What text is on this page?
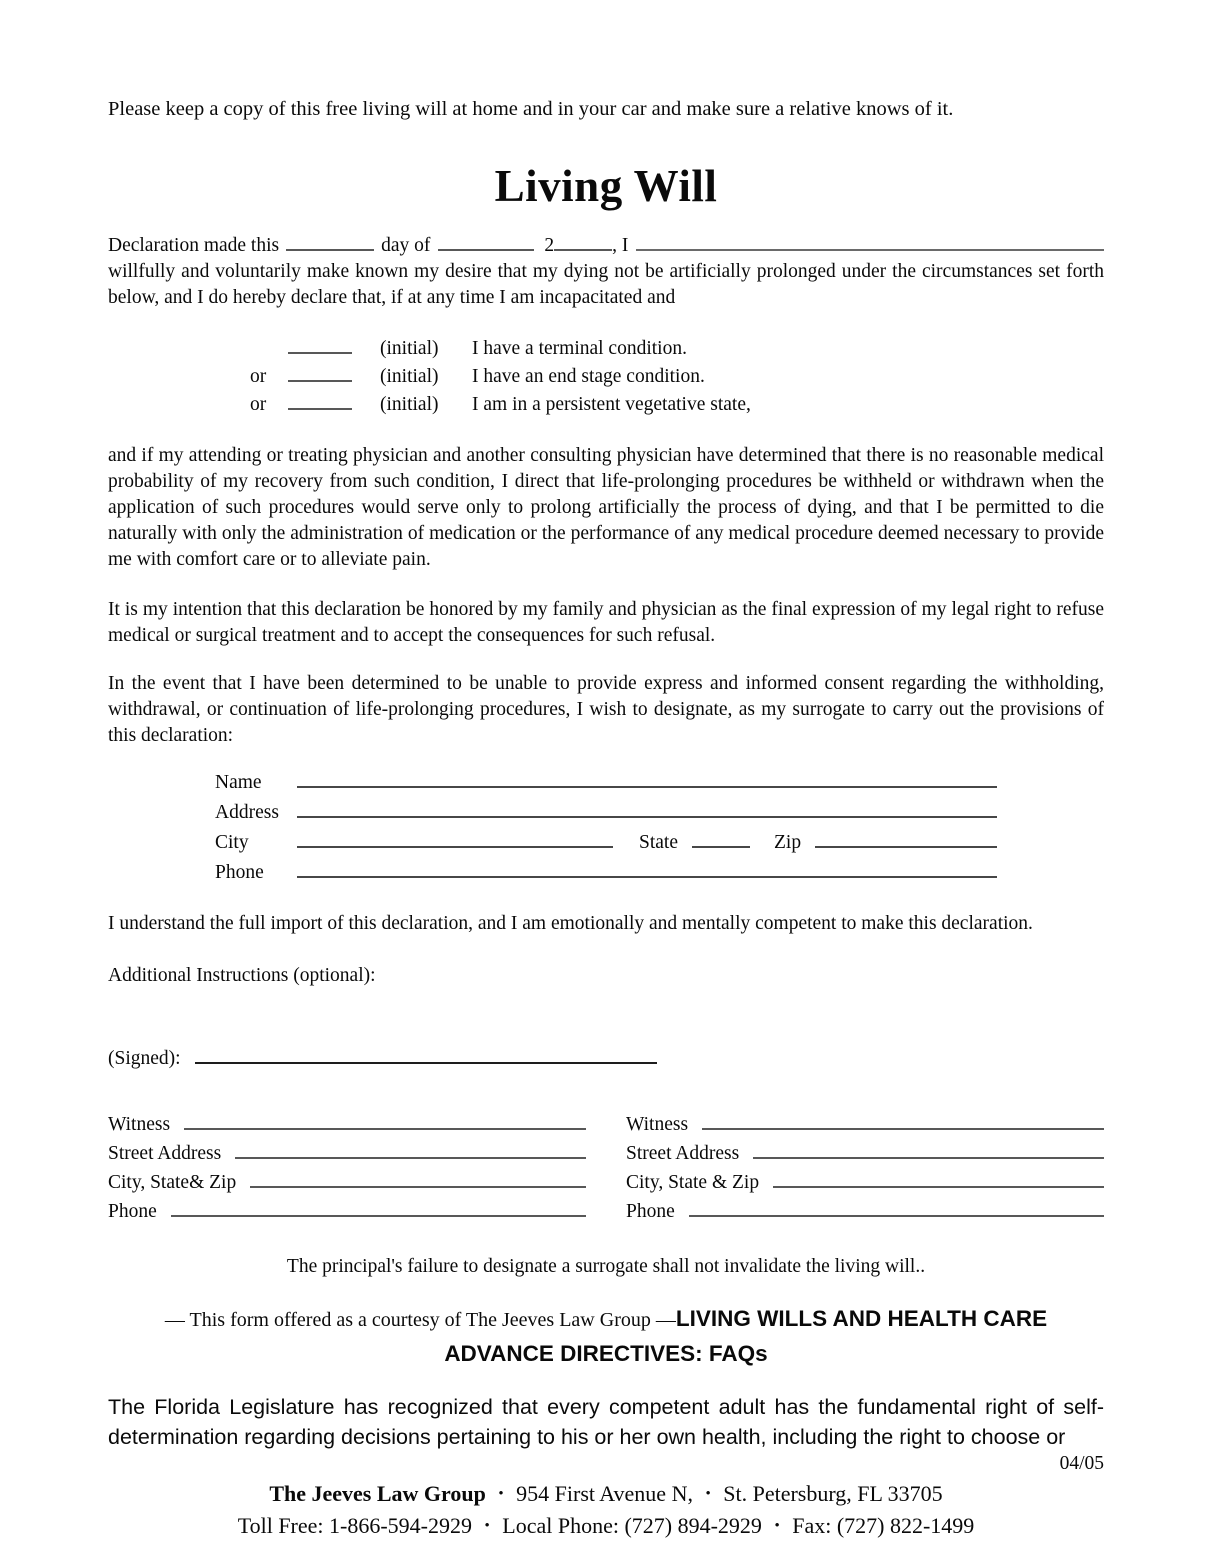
Please keep a copy of this free living will at home and in your car and make sure a relative knows of it.
Living Will
Declaration made this	day of	2	, I
willfully and voluntarily make known my desire that my dying not be artificially prolonged under the circumstances set forth below, and I do hereby declare that, if at any time I am incapacitated and
(initial)	I have a terminal condition.
or	(initial)	I have an end stage condition.
or	(initial)	I am in a persistent vegetative state,
and if my attending or treating physician and another consulting physician have determined that there is no reasonable medical probability of my recovery from such condition, I direct that life-prolonging procedures be withheld or withdrawn when the application of such procedures would serve only to prolong artificially the process of dying, and that I be permitted to die naturally with only the administration of medication or the performance of any medical procedure deemed necessary to provide me with comfort care or to alleviate pain.
It is my intention that this declaration be honored by my family and physician as the final expression of my legal right to refuse medical or surgical treatment and to accept the consequences for such refusal.
In the event that I have been determined to be unable to provide express and informed consent regarding the withholding, withdrawal, or continuation of life-prolonging procedures, I wish to designate, as my surrogate to carry out the provisions of this declaration:
Name
Address
City	State	Zip
Phone
I understand the full import of this declaration, and I am emotionally and mentally competent to make this declaration.
Additional Instructions (optional):
(Signed):
Witness
Street Address
City, State& Zip
Phone
Witness
Street Address
City, State & Zip
Phone
The principal's failure to designate a surrogate shall not invalidate the living will..
— This form offered as a courtesy of The Jeeves Law Group —LIVING WILLS AND HEALTH CARE
ADVANCE DIRECTIVES: FAQs
The Florida Legislature has recognized that every competent adult has the fundamental right of self-determination regarding decisions pertaining to his or her own health, including the right to choose or
04/05
The Jeeves Law Group • 954 First Avenue N, • St. Petersburg, FL 33705
Toll Free: 1-866-594-2929 • Local Phone: (727) 894-2929 • Fax: (727) 822-1499
